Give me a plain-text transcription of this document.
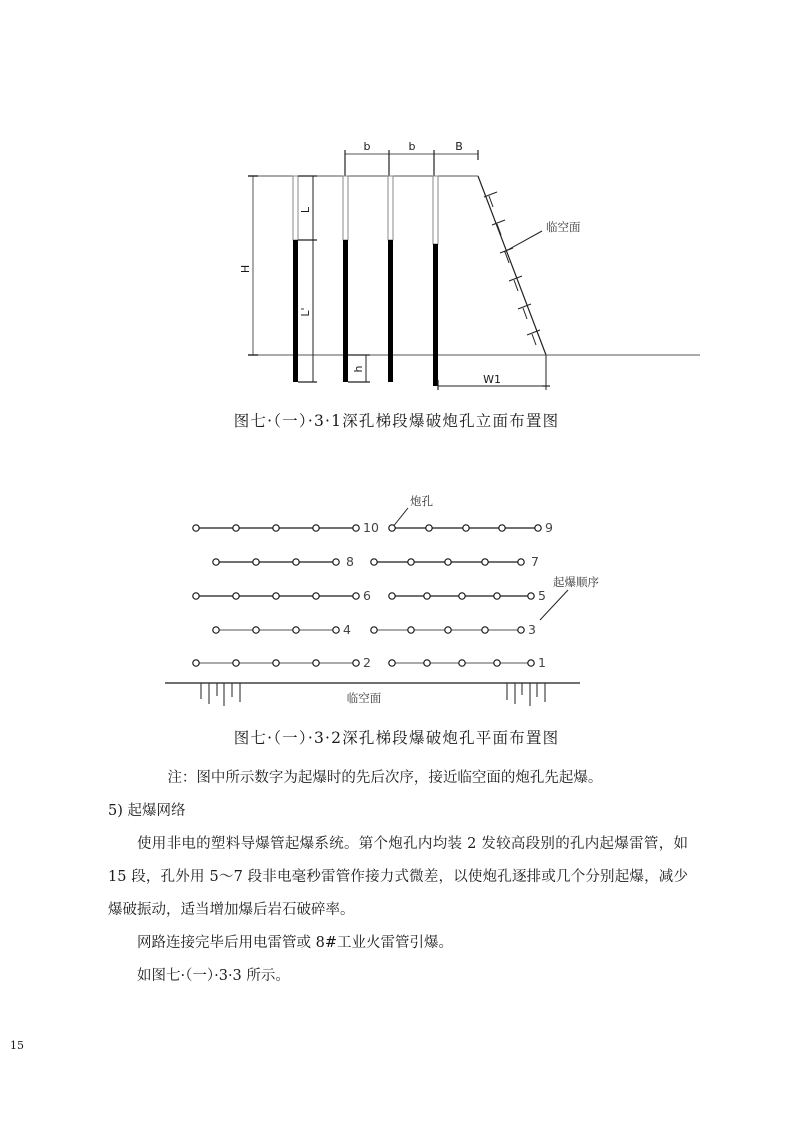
b	b	B
临空面
H
L
L'
h
W1
图七·（一）·3·1深孔梯段爆破炮孔立面布置图
炮孔
10	9
8	7
起爆顺序
6	5
4	3
2	1
临空面
图七·（一）·3·2深孔梯段爆破炮孔平面布置图

注：图中所示数字为起爆时的先后次序，接近临空面的炮孔先起爆。

5) 起爆网络

使用非电的塑料导爆管起爆系统。第个炮孔内均装 2 发较高段别的孔内起爆雷管，如 15 段，孔外用 5～7 段非电毫秒雷管作接力式微差，以使炮孔逐排或几个分别起爆，减少爆破振动，适当增加爆后岩石破碎率。

网路连接完毕后用电雷管或 8#工业火雷管引爆。

如图七·（一）·3·3 所示。

15
